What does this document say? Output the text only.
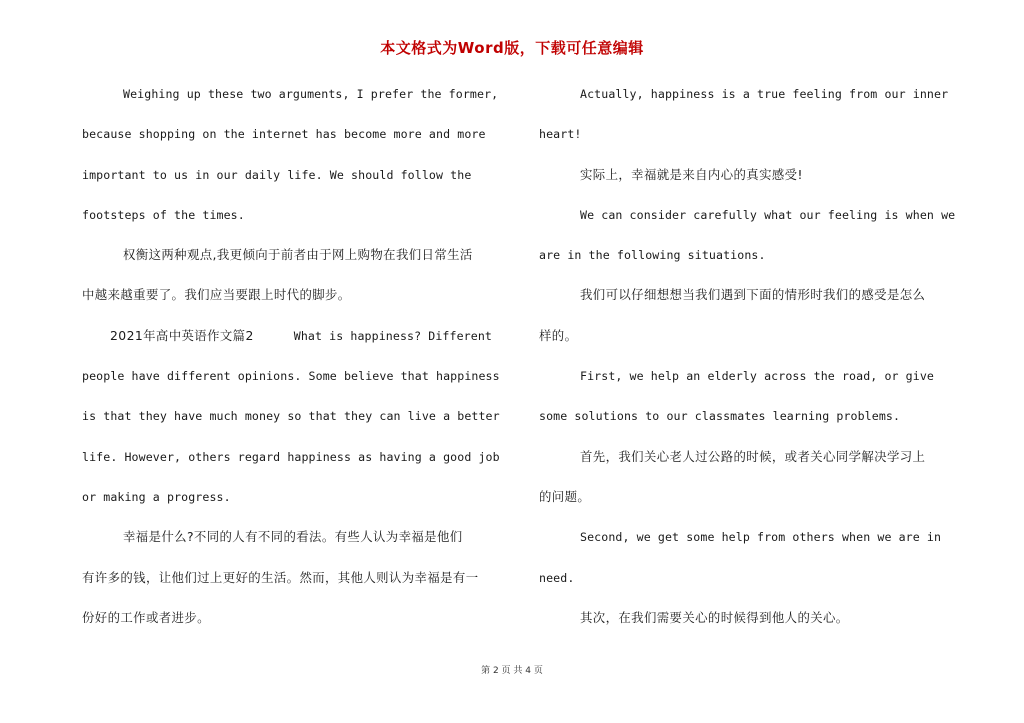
本文格式为Word版，下载可任意编辑
Weighing up these two arguments, I prefer the former,
because shopping on the internet has become more and more
important to us in our daily life. We should follow the
footsteps of the times.
权衡这两种观点,我更倾向于前者由于网上购物在我们日常生活
中越来越重要了。我们应当要跟上时代的脚步。
2021年高中英语作文篇2	What is happiness? Different
people have different opinions. Some believe that happiness
is that they have much money so that they can live a better
life. However, others regard happiness as having a good job
or making a progress.
幸福是什么?不同的人有不同的看法。有些人认为幸福是他们
有许多的钱，让他们过上更好的生活。然而，其他人则认为幸福是有一
份好的工作或者进步。
Actually, happiness is a true feeling from our inner
heart!
实际上，幸福就是来自内心的真实感受!
We can consider carefully what our feeling is when we
are in the following situations.
我们可以仔细想想当我们遇到下面的情形时我们的感受是怎么
样的。
First, we help an elderly across the road, or give
some solutions to our classmates learning problems.
首先，我们关心老人过公路的时候，或者关心同学解决学习上
的问题。
Second, we get some help from others when we are in
need.
其次，在我们需要关心的时候得到他人的关心。
第 2 页 共 4 页
